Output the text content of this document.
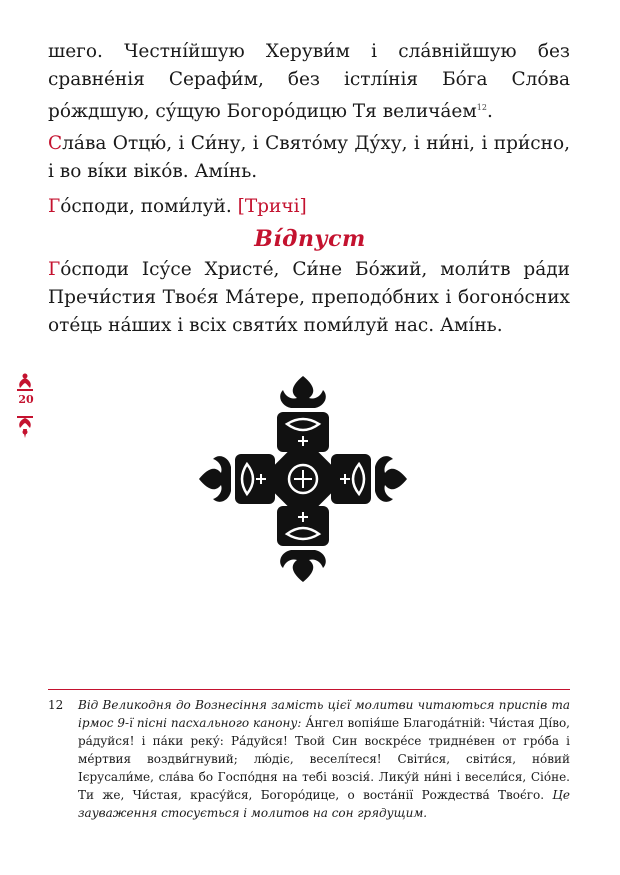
шего. Честні́йшую Херуви́м і сла́внійшую без сравне́нія Серафи́м, без істлі́нія Бо́га Сло́ва ро́ждшую, су́щую Богоро́дицю Тя $велича́ем^{12}$.

Сла́ва Отцю́, і Си́ну, і Свято́му Ду́ху, і ни́ні, і при́сно, і во ві́ки віко́в. Амі́нь.

Го́споди, поми́луй. [Тричі]

Ві́дпуст

Го́споди Ісу́се Христе́, Си́не Бо́жий, моли́тв ра́ди Пречи́стия Твоє́я Ма́тере, преподо́бних і богоно́сних оте́ць на́ших і всіх святи́х поми́луй нас. Амі́нь.

20
12 Від Великодня до Вознесіння замість цієї молитви читаються приспів та ірмос 9-ї пісні пасхального канону: А́нгел вопія́ше Благода́тній: Чи́стая Ді́во, ра́дуйся! і па́ки реку́: Ра́дуйся! Твой Син воскре́се тридне́вен от гро́ба і ме́ртвия воздви́гнувий; лю́діє, веселі́теся! Світи́ся, світи́ся, но́вий Ієрусали́ме, сла́ва бо Госпо́дня на тебі возсія́. Лику́й ни́ні і весели́ся, Сіо́не. Ти же, Чи́стая, красу́йся, Богоро́дице, о воста́нії Рождества́ Твоє́го. Це зауваження стосується і молитов на сон грядущим.
